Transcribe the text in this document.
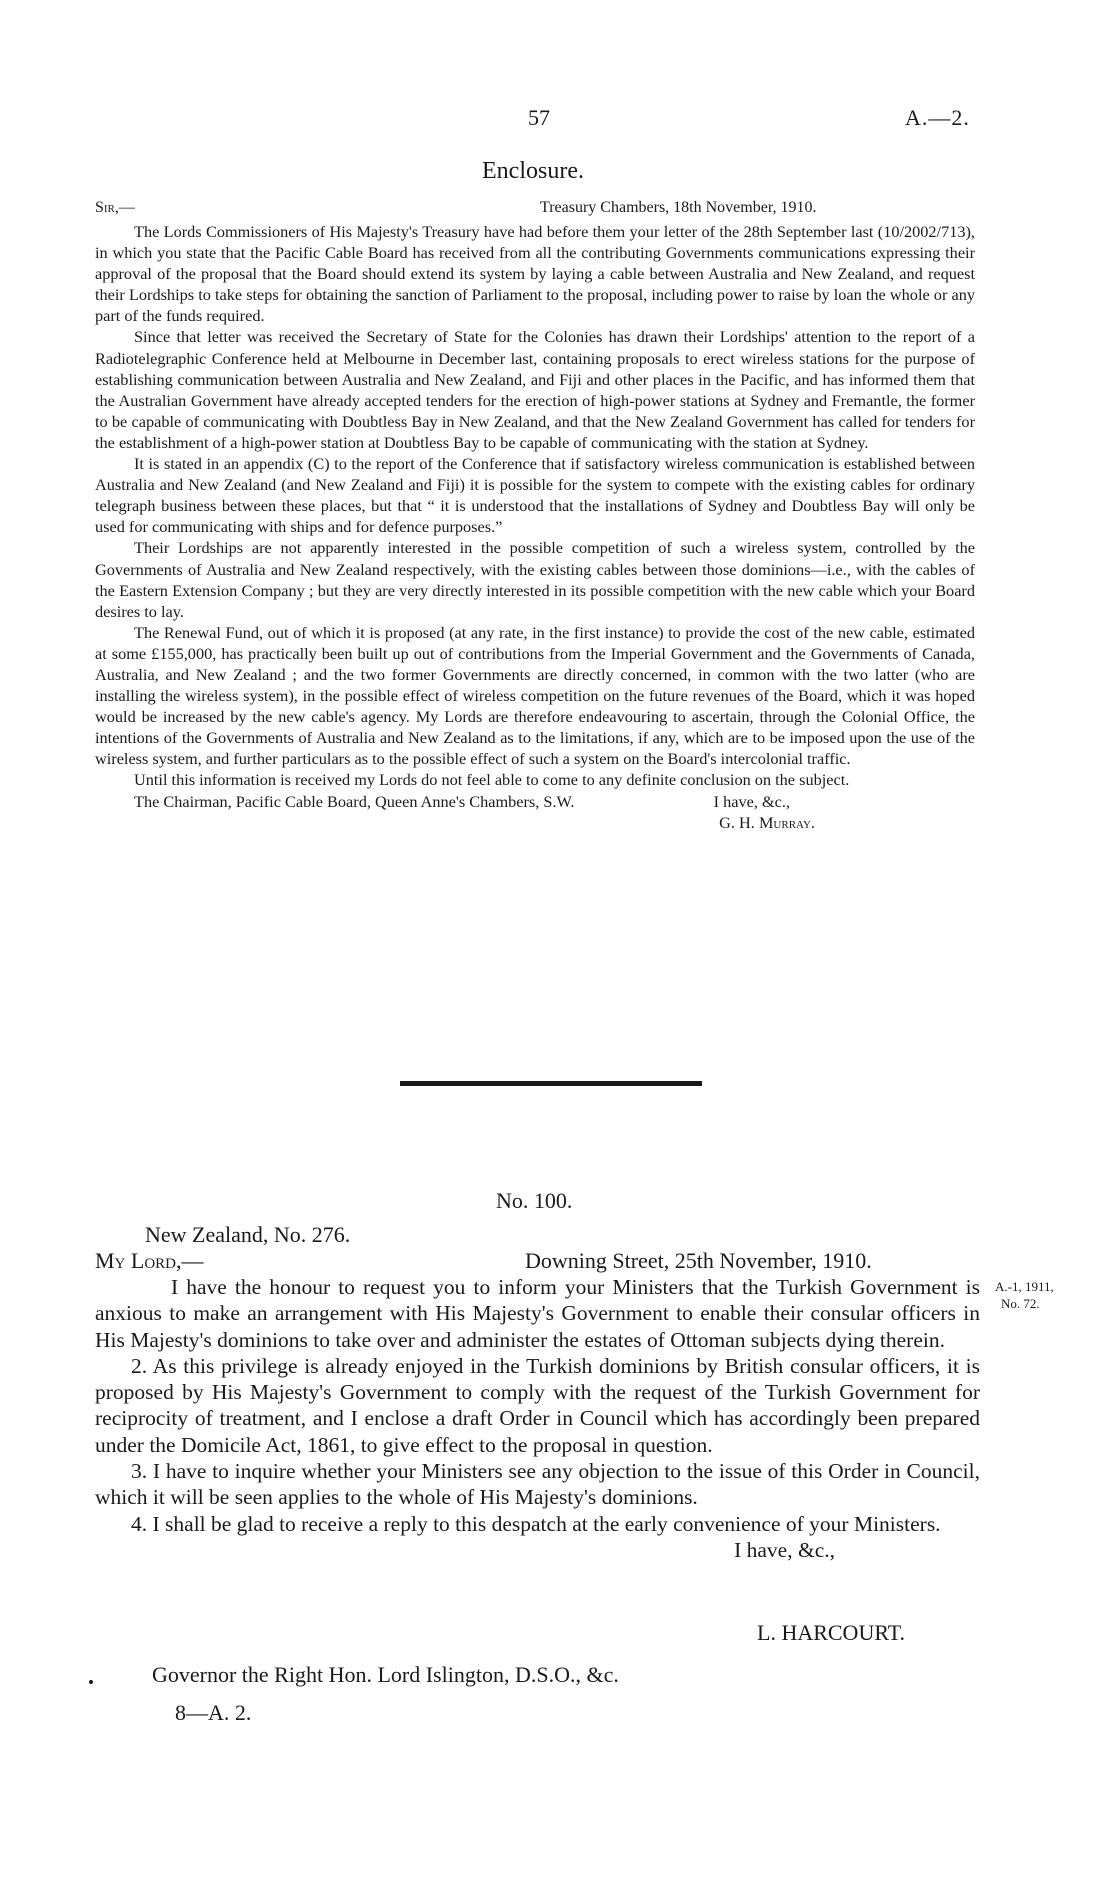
57	A.—2.
Enclosure.
Sir,—	Treasury Chambers, 18th November, 1910.

The Lords Commissioners of His Majesty's Treasury have had before them your letter of the 28th September last (10/2002/713), in which you state that the Pacific Cable Board has received from all the contributing Governments communications expressing their approval of the proposal that the Board should extend its system by laying a cable between Australia and New Zealand, and request their Lordships to take steps for obtaining the sanction of Parliament to the proposal, including power to raise by loan the whole or any part of the funds required.

Since that letter was received the Secretary of State for the Colonies has drawn their Lordships' attention to the report of a Radiotelegraphic Conference held at Melbourne in December last, containing proposals to erect wireless stations for the purpose of establishing communication between Australia and New Zealand, and Fiji and other places in the Pacific, and has informed them that the Australian Government have already accepted tenders for the erection of high-power stations at Sydney and Fremantle, the former to be capable of communicating with Doubtless Bay in New Zealand, and that the New Zealand Government has called for tenders for the establishment of a high-power station at Doubtless Bay to be capable of communicating with the station at Sydney.

It is stated in an appendix (C) to the report of the Conference that if satisfactory wireless communication is established between Australia and New Zealand (and New Zealand and Fiji) it is possible for the system to compete with the existing cables for ordinary telegraph business between these places, but that “ it is understood that the installations of Sydney and Doubtless Bay will only be used for communicating with ships and for defence purposes.”

Their Lordships are not apparently interested in the possible competition of such a wireless system, controlled by the Governments of Australia and New Zealand respectively, with the existing cables between those dominions—i.e., with the cables of the Eastern Extension Company ; but they are very directly interested in its possible competition with the new cable which your Board desires to lay.

The Renewal Fund, out of which it is proposed (at any rate, in the first instance) to provide the cost of the new cable, estimated at some £155,000, has practically been built up out of contributions from the Imperial Government and the Governments of Canada, Australia, and New Zealand ; and the two former Governments are directly concerned, in common with the two latter (who are installing the wireless system), in the possible effect of wireless competition on the future revenues of the Board, which it was hoped would be increased by the new cable's agency. My Lords are therefore endeavouring to ascertain, through the Colonial Office, the intentions of the Governments of Australia and New Zealand as to the limitations, if any, which are to be imposed upon the use of the wireless system, and further particulars as to the possible effect of such a system on the Board's intercolonial traffic.

Until this information is received my Lords do not feel able to come to any definite conclusion on the subject.
I have, &c.,

The Chairman, Pacific Cable Board, Queen Anne's Chambers, S.W.
G. H. Murray.

No. 100.
New Zealand, No. 276.
My Lord,—	Downing Street, 25th November, 1910.
A.-1, 1911,
No. 72.

I have the honour to request you to inform your Ministers that the Turkish Government is anxious to make an arrangement with His Majesty's Government to enable their consular officers in His Majesty's dominions to take over and administer the estates of Ottoman subjects dying therein.

2. As this privilege is already enjoyed in the Turkish dominions by British consular officers, it is proposed by His Majesty's Government to comply with the request of the Turkish Government for reciprocity of treatment, and I enclose a draft Order in Council which has accordingly been prepared under the Domicile Act, 1861, to give effect to the proposal in question.

3. I have to inquire whether your Ministers see any objection to the issue of this Order in Council, which it will be seen applies to the whole of His Majesty's dominions.

4. I shall be glad to receive a reply to this despatch at the early convenience of your Ministers.
I have, &c.,

L. HARCOURT.
Governor the Right Hon. Lord Islington, D.S.O., &c.
8—A. 2.
